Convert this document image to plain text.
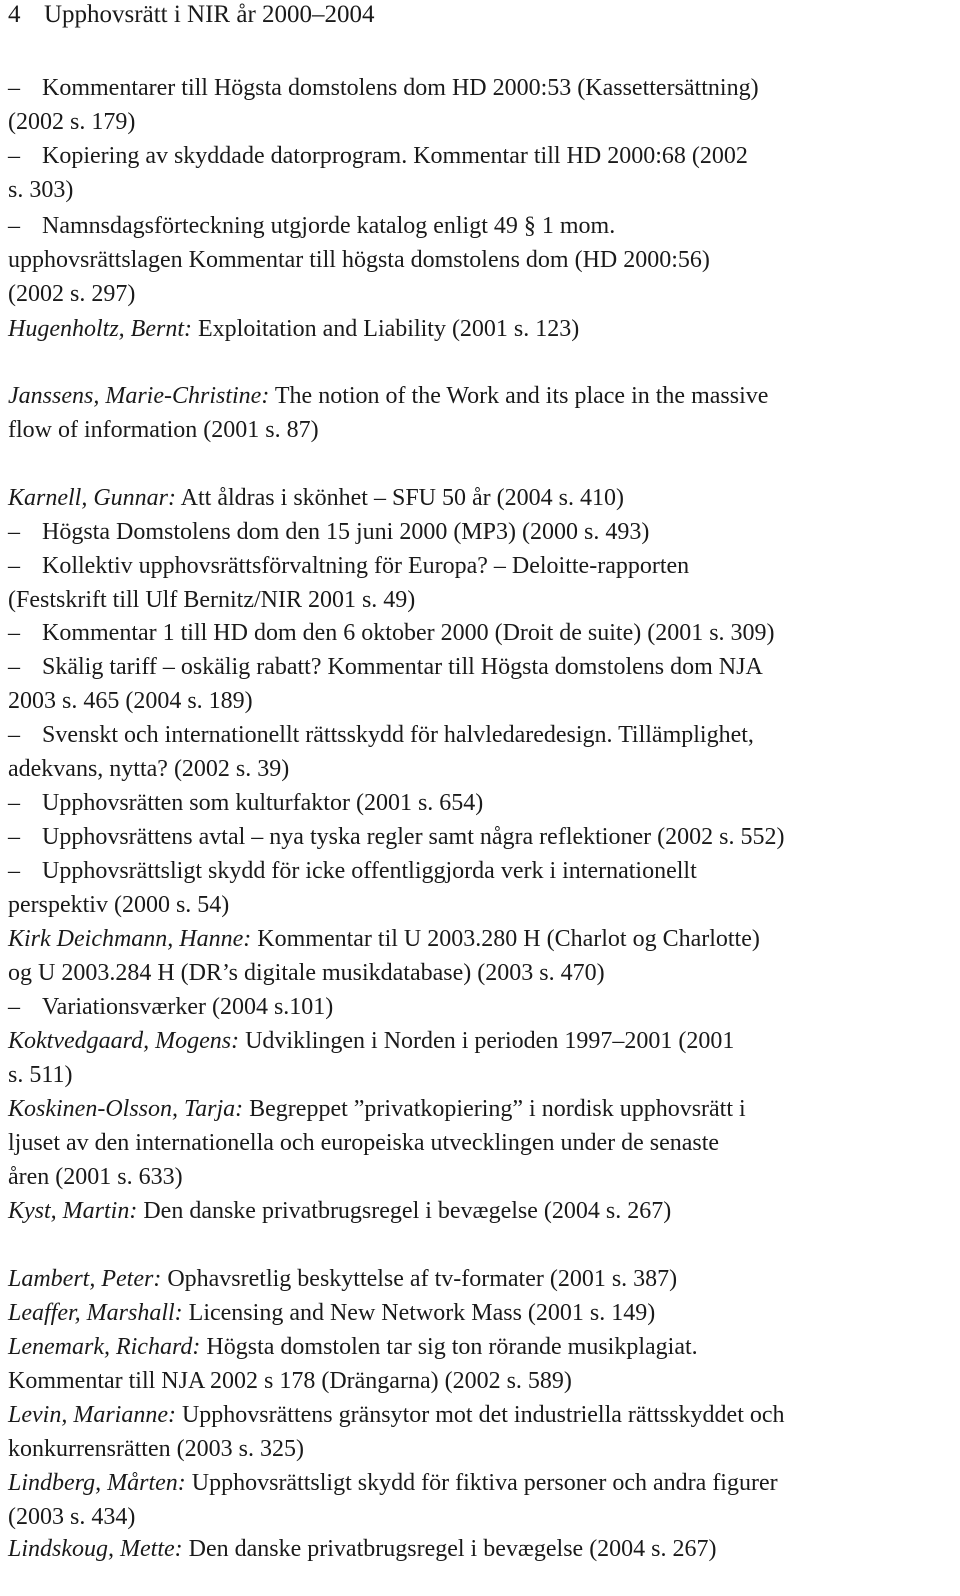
4 Upphovsrätt i NIR år 2000–2004
– Kommentarer till Högsta domstolens dom HD 2000:53 (Kassettersättning)
(2002 s. 179)
– Kopiering av skyddade datorprogram. Kommentar till HD 2000:68 (2002
s. 303)
– Namnsdagsförteckning utgjorde katalog enligt 49 § 1 mom.
upphovsrättslagen Kommentar till högsta domstolens dom (HD 2000:56)
(2002 s. 297)
Hugenholtz, Bernt: Exploitation and Liability (2001 s. 123)
Janssens, Marie-Christine: The notion of the Work and its place in the massive
flow of information (2001 s. 87)
Karnell, Gunnar: Att åldras i skönhet – SFU 50 år (2004 s. 410)
– Högsta Domstolens dom den 15 juni 2000 (MP3) (2000 s. 493)
– Kollektiv upphovsrättsförvaltning för Europa? – Deloitte-rapporten
(Festskrift till Ulf Bernitz/NIR 2001 s. 49)
– Kommentar 1 till HD dom den 6 oktober 2000 (Droit de suite) (2001 s. 309)
– Skälig tariff – oskälig rabatt? Kommentar till Högsta domstolens dom NJA
2003 s. 465 (2004 s. 189)
– Svenskt och internationellt rättsskydd för halvledaredesign. Tillämplighet,
adekvans, nytta? (2002 s. 39)
– Upphovsrätten som kulturfaktor (2001 s. 654)
– Upphovsrättens avtal – nya tyska regler samt några reflektioner (2002 s. 552)
– Upphovsrättsligt skydd för icke offentliggjorda verk i internationellt
perspektiv (2000 s. 54)
Kirk Deichmann, Hanne: Kommentar til U 2003.280 H (Charlot og Charlotte)
og U 2003.284 H (DR’s digitale musikdatabase) (2003 s. 470)
– Variationsværker (2004 s.101)
Koktvedgaard, Mogens: Udviklingen i Norden i perioden 1997–2001 (2001
s. 511)
Koskinen-Olsson, Tarja: Begreppet ”privatkopiering” i nordisk upphovsrätt i
ljuset av den internationella och europeiska utvecklingen under de senaste
åren (2001 s. 633)
Kyst, Martin: Den danske privatbrugsregel i bevægelse (2004 s. 267)
Lambert, Peter: Ophavsretlig beskyttelse af tv-formater (2001 s. 387)
Leaffer, Marshall: Licensing and New Network Mass (2001 s. 149)
Lenemark, Richard: Högsta domstolen tar sig ton rörande musikplagiat.
Kommentar till NJA 2002 s 178 (Drängarna) (2002 s. 589)
Levin, Marianne: Upphovsrättens gränsytor mot det industriella rättsskyddet och
konkurrensrätten (2003 s. 325)
Lindberg, Mårten: Upphovsrättsligt skydd för fiktiva personer och andra figurer
(2003 s. 434)
Lindskoug, Mette: Den danske privatbrugsregel i bevægelse (2004 s. 267)
